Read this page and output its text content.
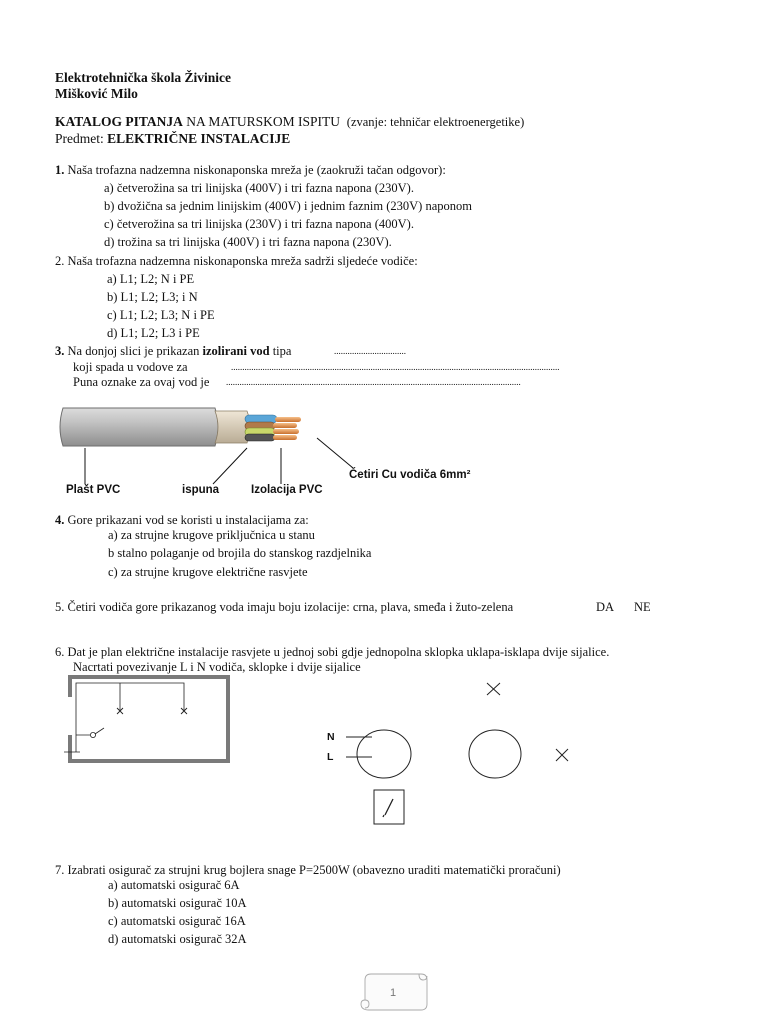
Elektrotehnička škola Živinice
Mišković Milo
KATALOG PITANJA NA MATURSKOM ISPITU (zvanje: tehničar elektroenergetike)
Predmet: ELEKTRIČNE INSTALACIJE
1. Naša trofazna nadzemna niskonaponska mreža je (zaokruži tačan odgovor):
a) četverožina sa tri linijska (400V) i tri fazna napona (230V).
b) dvožična sa jednim linijskim (400V) i jednim faznim (230V) naponom
c) četverožina sa tri linijska (230V) i tri fazna napona (400V).
d) trožina sa tri linijska (400V) i tri fazna napona (230V).
2. Naša trofazna nadzemna niskonaponska mreža sadrži sljedeće vodiče:
a) L1; L2; N i PE
b) L1; L2; L3; i N
c) L1; L2; L3; N i PE
d) L1; L2; L3 i PE
3. Na donjoj slici je prikazan izolirani vod tipa	................................
koji spada u vodove za	..................................................................................................................................................
Puna oznake za ovaj vod je ...................................................................................................................................
Plašt PVC	ispuna	Izolacija PVC
Četiri Cu vodiča 6mm²
4. Gore prikazani vod se koristi u instalacijama za:
a) za strujne krugove priključnica u stanu
b stalno polaganje od brojila do stanskog razdjelnika
c) za strujne krugove električne rasvjete
5. Četiri vodiča gore prikazanog voda imaju boju izolacije: crna, plava, smeđa i žuto-zelena	DA NE
6. Dat je plan električne instalacije rasvjete u jednoj sobi gdje jednopolna sklopka uklapa-isklapa dvije sijalice.
Nacrtati povezivanje L i N vodiča, sklopke i dvije sijalice
N
L
7. Izabrati osigurač za strujni krug bojlera snage P=2500W (obavezno uraditi matematički proračuni)
a) automatski osigurač 6A
b) automatski osigurač 10A
c) automatski osigurač 16A
d) automatski osigurač 32A
1
